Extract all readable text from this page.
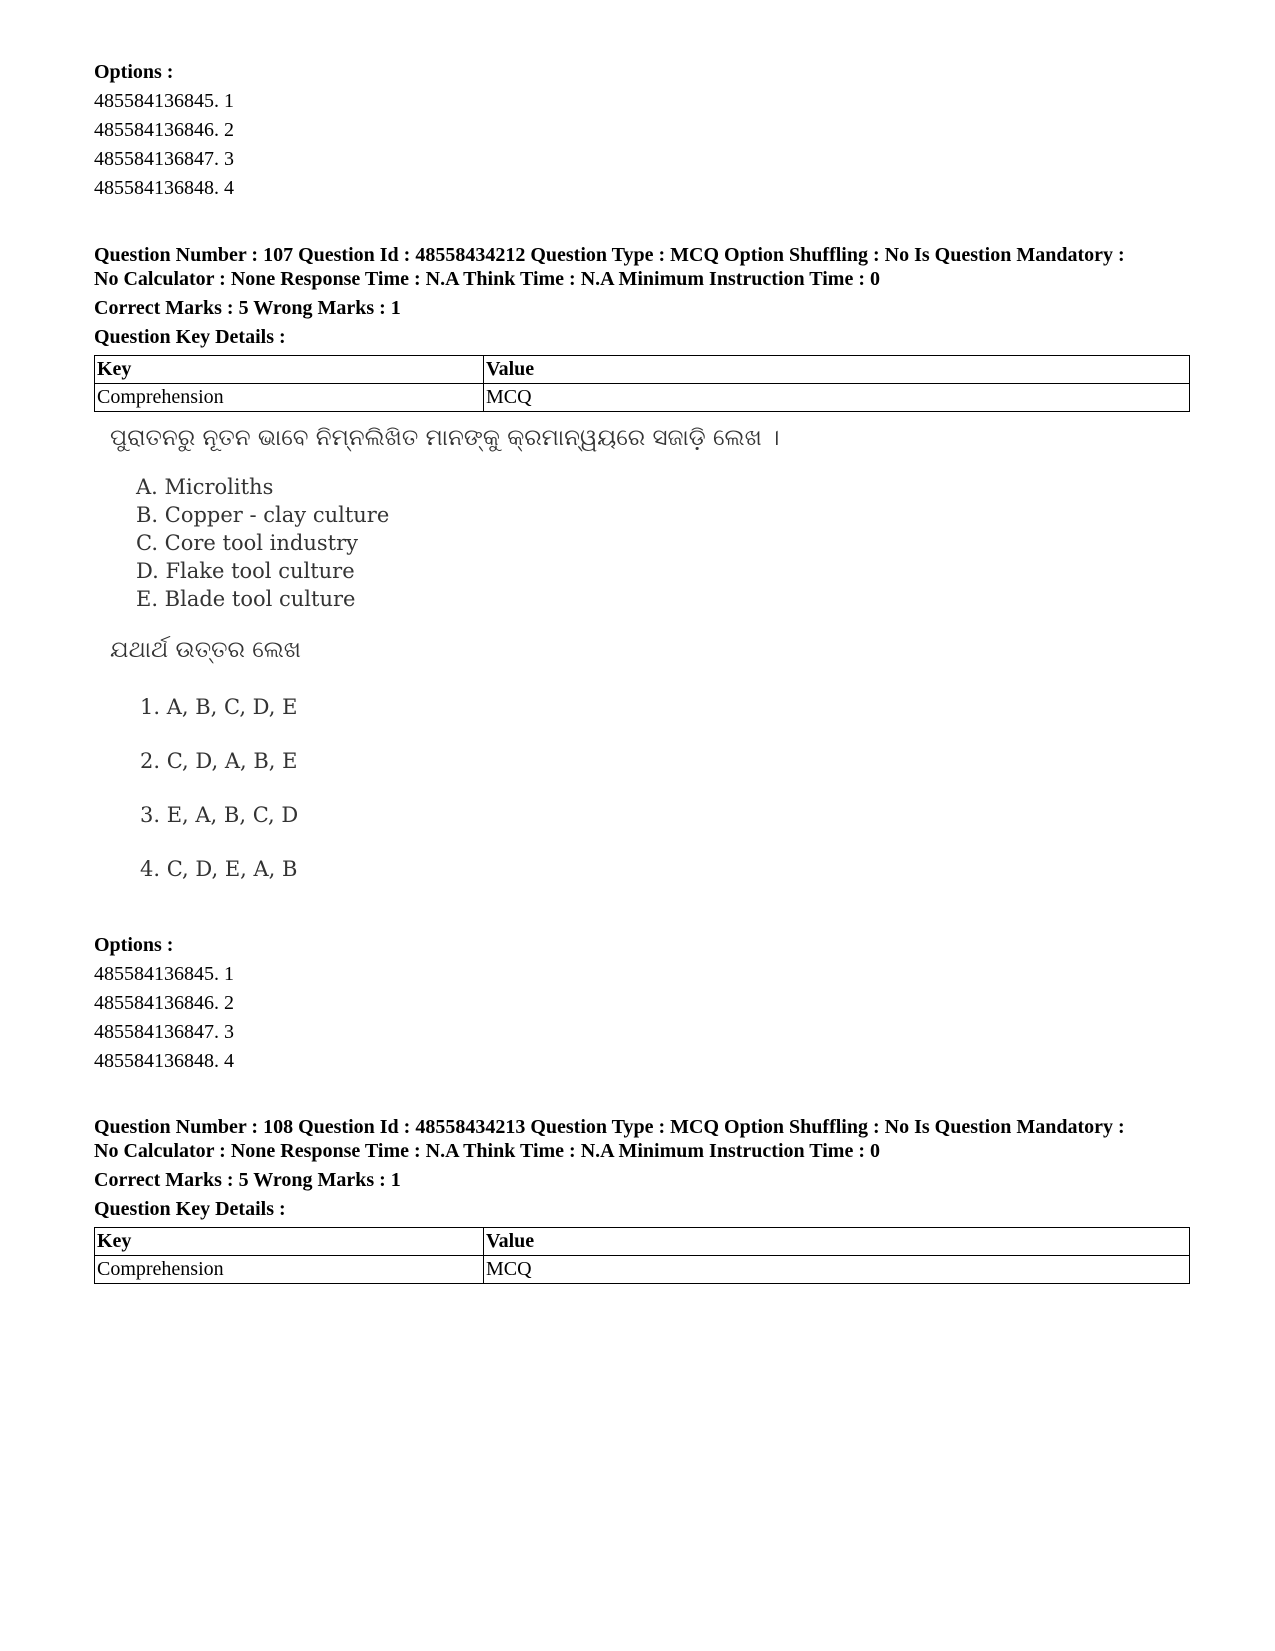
Options :
485584136845. 1
485584136846. 2
485584136847. 3
485584136848. 4
Question Number : 107 Question Id : 48558434212 Question Type : MCQ Option Shuffling : No Is Question Mandatory :
No Calculator : None Response Time : N.A Think Time : N.A Minimum Instruction Time : 0
Correct Marks : 5 Wrong Marks : 1
Question Key Details :
Key	Value
Comprehension	MCQ
ପୁରାତନରୁ ନୂତନ ଭାବେ ନିମ୍ନଲିଖିତ ମାନଙ୍କୁ କ୍ରମାନ୍ୱୟରେ ସଜାଡ଼ି ଲେଖ ।
A. Microliths
B. Copper - clay culture
C. Core tool industry
D. Flake tool culture
E. Blade tool culture
ଯଥାର୍ଥ ଉତ୍ତର ଲେଖ
1. A, B, C, D, E
2. C, D, A, B, E
3. E, A, B, C, D
4. C, D, E, A, B
Options :
485584136845. 1
485584136846. 2
485584136847. 3
485584136848. 4
Question Number : 108 Question Id : 48558434213 Question Type : MCQ Option Shuffling : No Is Question Mandatory :
No Calculator : None Response Time : N.A Think Time : N.A Minimum Instruction Time : 0
Correct Marks : 5 Wrong Marks : 1
Question Key Details :
Key	Value
Comprehension	MCQ
